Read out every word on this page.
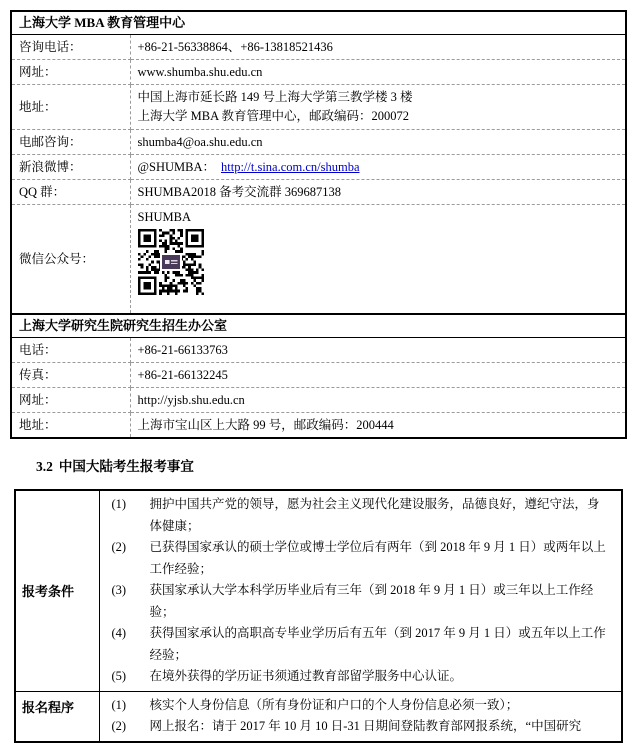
上海大学 MBA 教育管理中心	
咨询电话：	+86-21-56338864、+86-13818521436
网址：	www.shumba.shu.edu.cn
地址：	中国上海市延长路 149 号上海大学第三教学楼 3 楼
上海大学 MBA 教育管理中心，邮政编码：200072

电邮咨询：	shumba4@oa.shu.edu.cn
新浪微博：	@SHUMBA： http://t.sina.com.cn/shumba
QQ 群：	SHUMBA2018 备考交流群 369687138
微信公众号：	SHUMBA

上海大学研究生院研究生招生办公室	
电话：	+86-21-66133763
传真：	+86-21-66132245
网址：	http://yjsb.shu.edu.cn
地址：	上海市宝山区上大路 99 号，邮政编码：200444
3.2 中国大陆考生报考事宜
报考条件	
(1)	拥护中国共产党的领导，愿为社会主义现代化建设服务，品德良好，遵纪守法，身体健康；
(2)	已获得国家承认的硕士学位或博士学位后有两年（到 2018 年 9 月 1 日）或两年以上工作经验；
(3)	获国家承认大学本科学历毕业后有三年（到 2018 年 9 月 1 日）或三年以上工作经验；
(4)	获得国家承认的高职高专毕业学历后有五年（到 2017 年 9 月 1 日）或五年以上工作经验；
(5)	在境外获得的学历证书须通过教育部留学服务中心认证。

报名程序	(1) 核实个人身份信息（所有身份证和户口的个人身份信息必须一致）；
(2) 网上报名：请于 2017 年 10 月 10 日-31 日期间登陆教育部网报系统，“中国研究
